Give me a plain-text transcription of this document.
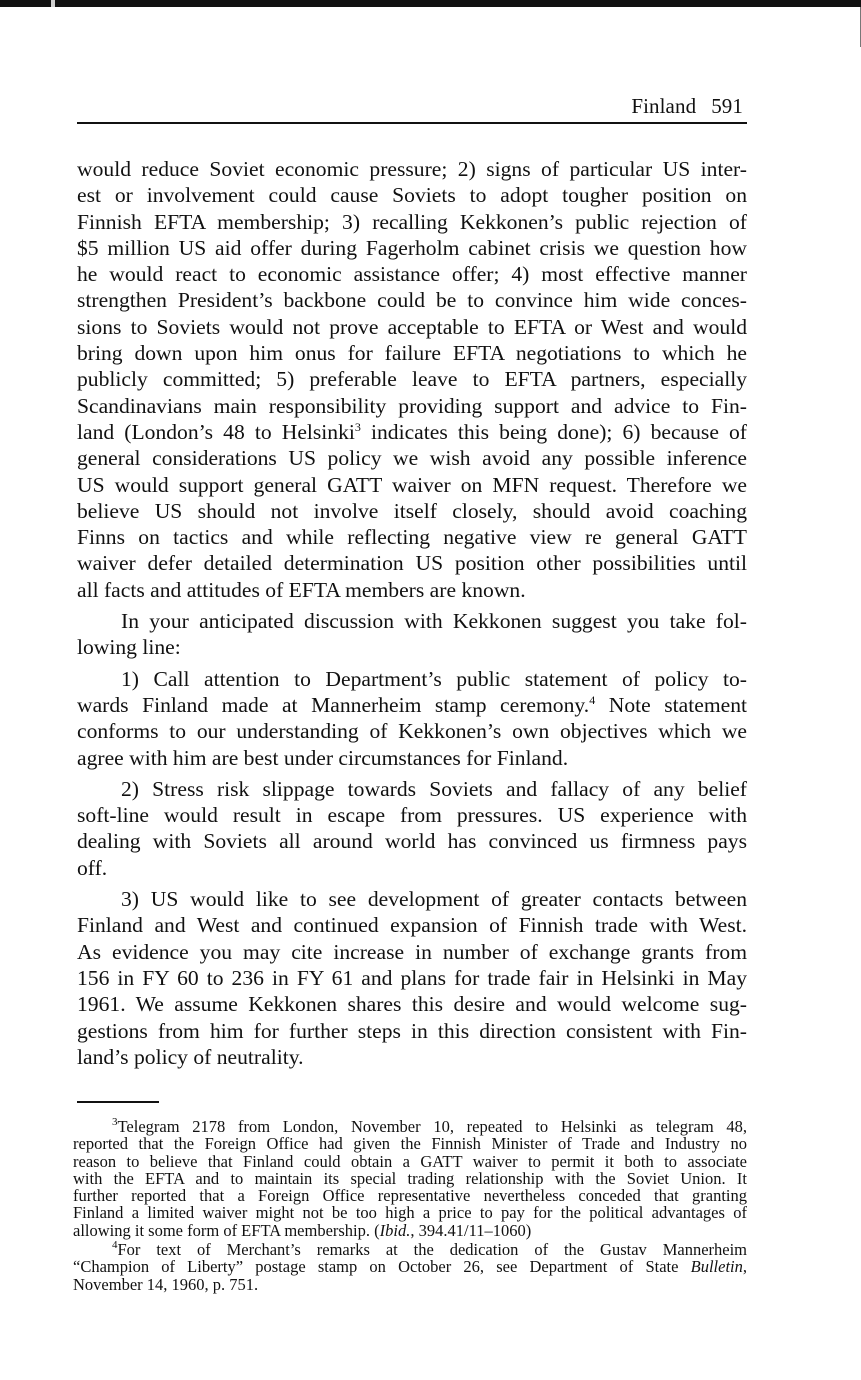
Finland 591

would reduce Soviet economic pressure; 2) signs of particular US inter-
est or involvement could cause Soviets to adopt tougher position on
Finnish EFTA membership; 3) recalling Kekkonen’s public rejection of
$5 million US aid offer during Fagerholm cabinet crisis we question how
he would react to economic assistance offer; 4) most effective manner
strengthen President’s backbone could be to convince him wide conces-
sions to Soviets would not prove acceptable to EFTA or West and would
bring down upon him onus for failure EFTA negotiations to which he
publicly committed; 5) preferable leave to EFTA partners, especially
Scandinavians main responsibility providing support and advice to Fin-
land (London’s 48 to Helsinki$^3$ indicates this being done); 6) because of
general considerations US policy we wish avoid any possible inference
US would support general GATT waiver on MFN request. Therefore we
believe US should not involve itself closely, should avoid coaching
Finns on tactics and while reflecting negative view re general GATT
waiver defer detailed determination US position other possibilities until
all facts and attitudes of EFTA members are known.

In your anticipated discussion with Kekkonen suggest you take fol-
lowing line:

1) Call attention to Department’s public statement of policy to-
wards Finland made at Mannerheim stamp ceremony.$^4$ Note statement
conforms to our understanding of Kekkonen’s own objectives which we
agree with him are best under circumstances for Finland.

2) Stress risk slippage towards Soviets and fallacy of any belief
soft-line would result in escape from pressures. US experience with
dealing with Soviets all around world has convinced us firmness pays
off.

3) US would like to see development of greater contacts between
Finland and West and continued expansion of Finnish trade with West.
As evidence you may cite increase in number of exchange grants from
156 in FY 60 to 236 in FY 61 and plans for trade fair in Helsinki in May
1961. We assume Kekkonen shares this desire and would welcome sug-
gestions from him for further steps in this direction consistent with Fin-
land’s policy of neutrality.

$^3$Telegram 2178 from London, November 10, repeated to Helsinki as telegram 48,
reported that the Foreign Office had given the Finnish Minister of Trade and Industry no
reason to believe that Finland could obtain a GATT waiver to permit it both to associate
with the EFTA and to maintain its special trading relationship with the Soviet Union. It
further reported that a Foreign Office representative nevertheless conceded that granting
Finland a limited waiver might not be too high a price to pay for the political advantages of
allowing it some form of EFTA membership. (Ibid., 394.41/11–1060)

$^4$For text of Merchant’s remarks at the dedication of the Gustav Mannerheim
“Champion of Liberty” postage stamp on October 26, see Department of State Bulletin,
November 14, 1960, p. 751.
